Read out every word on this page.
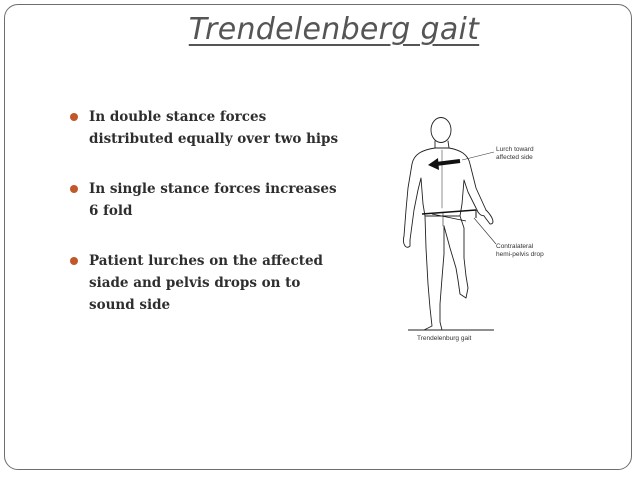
Trendelenberg gait
In double stance forces distributed equally over two hips
In single stance forces increases 6 fold
Patient lurches on the affected siade and pelvis drops on to sound side
Lurch toward
affected side
Contralateral
hemi-pelvis drop
Trendelenburg gait
